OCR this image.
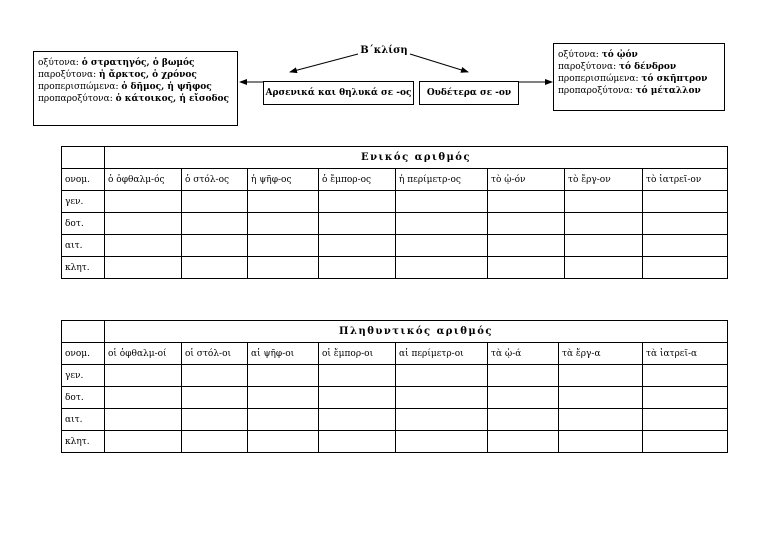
Β΄κλίση
οξύτονα: ὁ στρατηγός, ὁ βωμός
παροξύτονα: ἡ ἄρκτος, ὁ χρόνος
προπερισπώμενα: ὁ δῆμος, ἡ ψῆφος
προπαροξύτονα: ὁ κάτοικος, ἡ εἴσοδος
Αρσενικά και θηλυκά σε -ος	Ουδέτερα σε -ον
οξύτονα: τό ᾠόν
παροξύτονα: τό δένδρον
προπερισπώμενα: τό σκῆπτρον
προπαροξύτονα: τό μέταλλον
	Ενικός αριθμός							
ονομ.	ὁ ὀφθαλμ-ός	ὁ στόλ-ος	ἡ ψῆφ-ος	ὁ ἔμπορ-ος	ἡ περίμετρ-ος	τὸ ᾠ-όν	τὸ ἔργ-ον	τὸ ἰατρεῖ-ον
γεν.								
δοτ.								
αιτ.								
κλητ.								
	Πληθυντικός αριθμός							
ονομ.	οἱ ὀφθαλμ-οί	οἱ στόλ-οι	αἱ ψῆφ-οι	οἱ ἔμπορ-οι	αἱ περίμετρ-οι	τὰ ᾠ-ά	τὰ ἔργ-α	τὰ ἰατρεῖ-α
γεν.								
δοτ.								
αιτ.								
κλητ.								
